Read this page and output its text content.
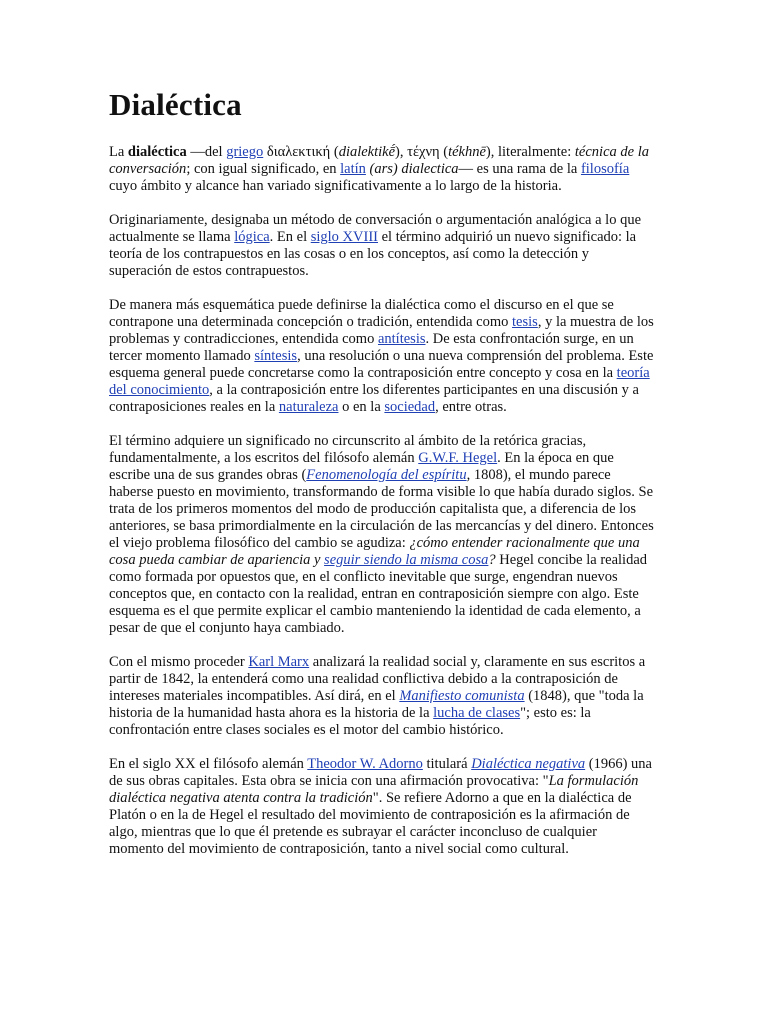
Dialéctica

La dialéctica —del griego διαλεκτική (dialektikḗ), τέχνη (tékhnē), literalmente: técnica de la conversación; con igual significado, en latín (ars) dialectica— es una rama de la filosofía cuyo ámbito y alcance han variado significativamente a lo largo de la historia.

Originariamente, designaba un método de conversación o argumentación analógica a lo que actualmente se llama lógica. En el siglo XVIII el término adquirió un nuevo significado: la teoría de los contrapuestos en las cosas o en los conceptos, así como la detección y superación de estos contrapuestos.

De manera más esquemática puede definirse la dialéctica como el discurso en el que se contrapone una determinada concepción o tradición, entendida como tesis, y la muestra de los problemas y contradicciones, entendida como antítesis. De esta confrontación surge, en un tercer momento llamado síntesis, una resolución o una nueva comprensión del problema. Este esquema general puede concretarse como la contraposición entre concepto y cosa en la teoría del conocimiento, a la contraposición entre los diferentes participantes en una discusión y a contraposiciones reales en la naturaleza o en la sociedad, entre otras.

El término adquiere un significado no circunscrito al ámbito de la retórica gracias, fundamentalmente, a los escritos del filósofo alemán G.W.F. Hegel. En la época en que escribe una de sus grandes obras (Fenomenología del espíritu, 1808), el mundo parece haberse puesto en movimiento, transformando de forma visible lo que había durado siglos. Se trata de los primeros momentos del modo de producción capitalista que, a diferencia de los anteriores, se basa primordialmente en la circulación de las mercancías y del dinero. Entonces el viejo problema filosófico del cambio se agudiza: ¿cómo entender racionalmente que una cosa pueda cambiar de apariencia y seguir siendo la misma cosa? Hegel concibe la realidad como formada por opuestos que, en el conflicto inevitable que surge, engendran nuevos conceptos que, en contacto con la realidad, entran en contraposición siempre con algo. Este esquema es el que permite explicar el cambio manteniendo la identidad de cada elemento, a pesar de que el conjunto haya cambiado.

Con el mismo proceder Karl Marx analizará la realidad social y, claramente en sus escritos a partir de 1842, la entenderá como una realidad conflictiva debido a la contraposición de intereses materiales incompatibles. Así dirá, en el Manifiesto comunista (1848), que "toda la historia de la humanidad hasta ahora es la historia de la lucha de clases"; esto es: la confrontación entre clases sociales es el motor del cambio histórico.

En el siglo XX el filósofo alemán Theodor W. Adorno titulará Dialéctica negativa (1966) una de sus obras capitales. Esta obra se inicia con una afirmación provocativa: "La formulación dialéctica negativa atenta contra la tradición". Se refiere Adorno a que en la dialéctica de Platón o en la de Hegel el resultado del movimiento de contraposición es la afirmación de algo, mientras que lo que él pretende es subrayar el carácter inconcluso de cualquier momento del movimiento de contraposición, tanto a nivel social como cultural.
